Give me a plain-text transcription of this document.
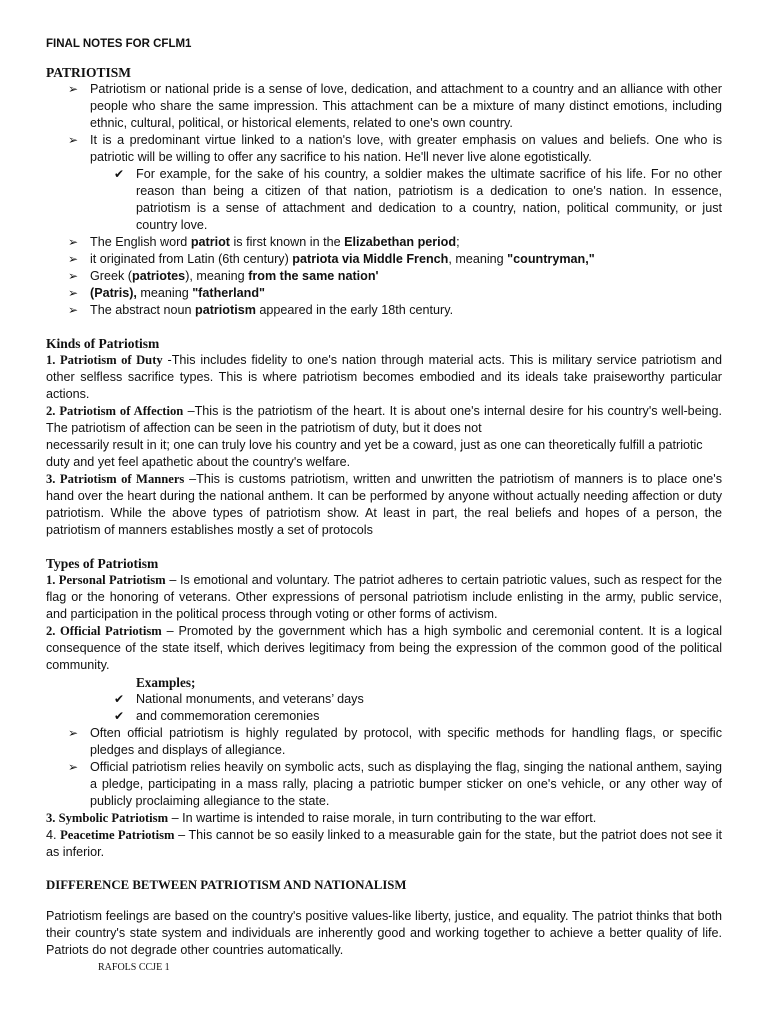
FINAL NOTES FOR CFLM1
PATRIOTISM
➢ Patriotism or national pride is a sense of love, dedication, and attachment to a country and an alliance with other people who share the same impression. This attachment can be a mixture of many distinct emotions, including ethnic, cultural, political, or historical elements, related to one's own country.
➢ It is a predominant virtue linked to a nation's love, with greater emphasis on values and beliefs. One who is patriotic will be willing to offer any sacrifice to his nation. He'll never live alone egotistically.
✔ For example, for the sake of his country, a soldier makes the ultimate sacrifice of his life. For no other reason than being a citizen of that nation, patriotism is a dedication to one's nation. In essence, patriotism is a sense of attachment and dedication to a country, nation, political community, or just country love.
➢ The English word patriot is first known in the Elizabethan period;
➢ it originated from Latin (6th century) patriota via Middle French, meaning "countryman,"
➢ Greek (patriotes), meaning from the same nation'
➢ (Patris), meaning "fatherland"
➢ The abstract noun patriotism appeared in the early 18th century.
Kinds of Patriotism

1. Patriotism of Duty -This includes fidelity to one's nation through material acts. This is military service patriotism and other selfless sacrifice types. This is where patriotism becomes embodied and its ideals take praiseworthy particular actions.

2. Patriotism of Affection –This is the patriotism of the heart. It is about one's internal desire for his country's well-being. The patriotism of affection can be seen in the patriotism of duty, but it does not

necessarily result in it; one can truly love his country and yet be a coward, just as one can theoretically fulfill a patriotic duty and yet feel apathetic about the country's welfare.

3. Patriotism of Manners –This is customs patriotism, written and unwritten the patriotism of manners is to place one's hand over the heart during the national anthem. It can be performed by anyone without actually needing affection or duty patriotism. While the above types of patriotism show. At least in part, the real beliefs and hopes of a person, the patriotism of manners establishes mostly a set of protocols

Types of Patriotism

1. Personal Patriotism – Is emotional and voluntary. The patriot adheres to certain patriotic values, such as respect for the flag or the honoring of veterans. Other expressions of personal patriotism include enlisting in the army, public service, and participation in the political process through voting or other forms of activism.

2. Official Patriotism – Promoted by the government which has a high symbolic and ceremonial content. It is a logical consequence of the state itself, which derives legitimacy from being the expression of the common good of the political community.

Examples;
✔ National monuments, and veterans’ days
✔ and commemoration ceremonies
➢ Often official patriotism is highly regulated by protocol, with specific methods for handling flags, or specific pledges and displays of allegiance.
➢ Official patriotism relies heavily on symbolic acts, such as displaying the flag, singing the national anthem, saying a pledge, participating in a mass rally, placing a patriotic bumper sticker on one's vehicle, or any other way of publicly proclaiming allegiance to the state.

3. Symbolic Patriotism – In wartime is intended to raise morale, in turn contributing to the war effort.

4. Peacetime Patriotism – This cannot be so easily linked to a measurable gain for the state, but the patriot does not see it as inferior.

DIFFERENCE BETWEEN PATRIOTISM AND NATIONALISM

Patriotism feelings are based on the country's positive values-like liberty, justice, and equality. The patriot thinks that both their country's state system and individuals are inherently good and working together to achieve a better quality of life. Patriots do not degrade other countries automatically.

RAFOLS CCJE 1
